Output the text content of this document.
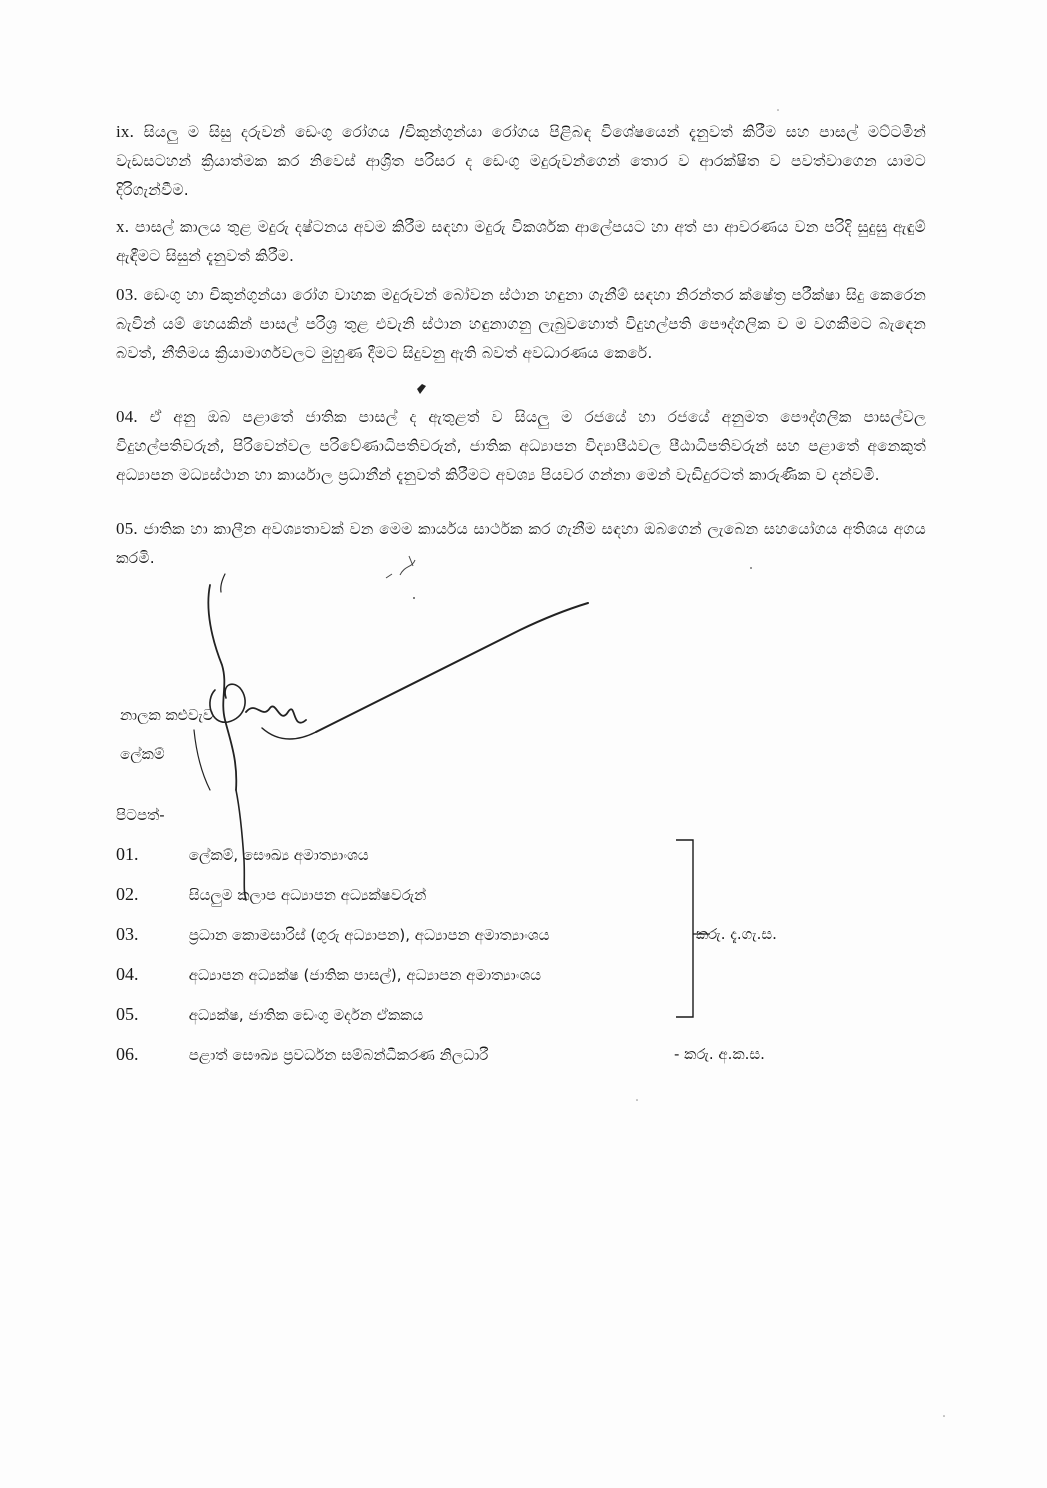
ix. සියලු ම සිසු දරුවන් ඩෙංගු රෝගය /චිකුන්ගුන්යා රෝගය පිළිබඳ විශේෂයෙන් දැනුවත් කිරීම සහ පාසල් මට්ටමින් වැඩසටහන් ක්‍රියාත්මක කර නිවෙස් ආශ්‍රිත පරිසර ද ඩෙංගු මදුරුවන්ගෙන් තොර ව ආරක්ෂිත ව පවත්වාගෙන යාමට දිරිගැන්වීම.
x. පාසල් කාලය තුළ මදුරු දෂ්ටනය අවම කිරීම සඳහා මදුරු විකර්ශක ආලේපයට හා අත් පා ආවරණය වන පරිදි සුදුසු ඇඳුම් ඇඳීමට සිසුන් දැනුවත් කිරීම.
03. ඩෙංගු හා චිකුන්ගුන්යා රෝග වාහක මදුරුවන් බෝවන ස්ථාන හඳුනා ගැනීම් සඳහා නිරන්තර ක්ෂේත්‍ර පරීක්ෂා සිදු කෙරෙන බැවින් යම් හෙයකින් පාසල් පරිශ්‍ර තුළ එවැනි ස්ථාන හඳුනාගනු ලැබුවහොත් විදුහල්පති පෞද්ගලික ව ම වගකීමට බැඳෙන බවත්, නීතිමය ක්‍රියාමාර්ගවලට මුහුණ දීමට සිදුවනු ඇති බවත් අවධාරණය කෙරේ.
04. ඒ අනු ඔබ පළාතේ ජාතික පාසල් ද ඇතුළත් ව සියලු ම රජයේ හා රජයේ අනුමත පෞද්ගලික පාසල්වල විදුහල්පතිවරුන්, පිරිවෙන්වල පරිවේණාධිපතිවරුන්, ජාතික අධ්‍යාපන විද්‍යාපීඨවල පීඨාධිපතිවරුන් සහ පළාතේ අනෙකුත් අධ්‍යාපන මධ්‍යස්ථාන හා කාර්යාල ප්‍රධානීන් දැනුවත් කිරීමට අවශ්‍ය පියවර ගන්නා මෙන් වැඩිදුරටත් කාරුණික ව දන්වමි.
05. ජාතික හා කාලීන අවශ්‍යතාවක් වන මෙම කාර්යය සාර්ථක කර ගැනීම සඳහා ඔබගෙන් ලැබෙන සහයෝගය අතිශය අගය කරමි.
නාලක කළුවැව
ලේකම්
පිටපත්-
01.	ලේකම්, සෞඛ්‍ය අමාත්‍යාංශය
02.	සියලුම කලාප අධ්‍යාපන අධ්‍යක්ෂවරුන්
03.	ප්‍රධාන කොමසාරිස් (ගුරු අධ්‍යාපන), අධ්‍යාපන අමාත්‍යාංශය
04.	අධ්‍යාපන අධ්‍යක්ෂ (ජාතික පාසල්), අධ්‍යාපන අමාත්‍යාංශය
05.	අධ්‍යක්ෂ, ජාතික ඩෙංගු මර්දන ඒකකය
06.	පළාත් සෞඛ්‍ය ප්‍රවර්ධන සම්බන්ධීකරණ නිලධාරී
කරු. දැ.ගැ.ස.
- කරු. අ.ක.ස.
